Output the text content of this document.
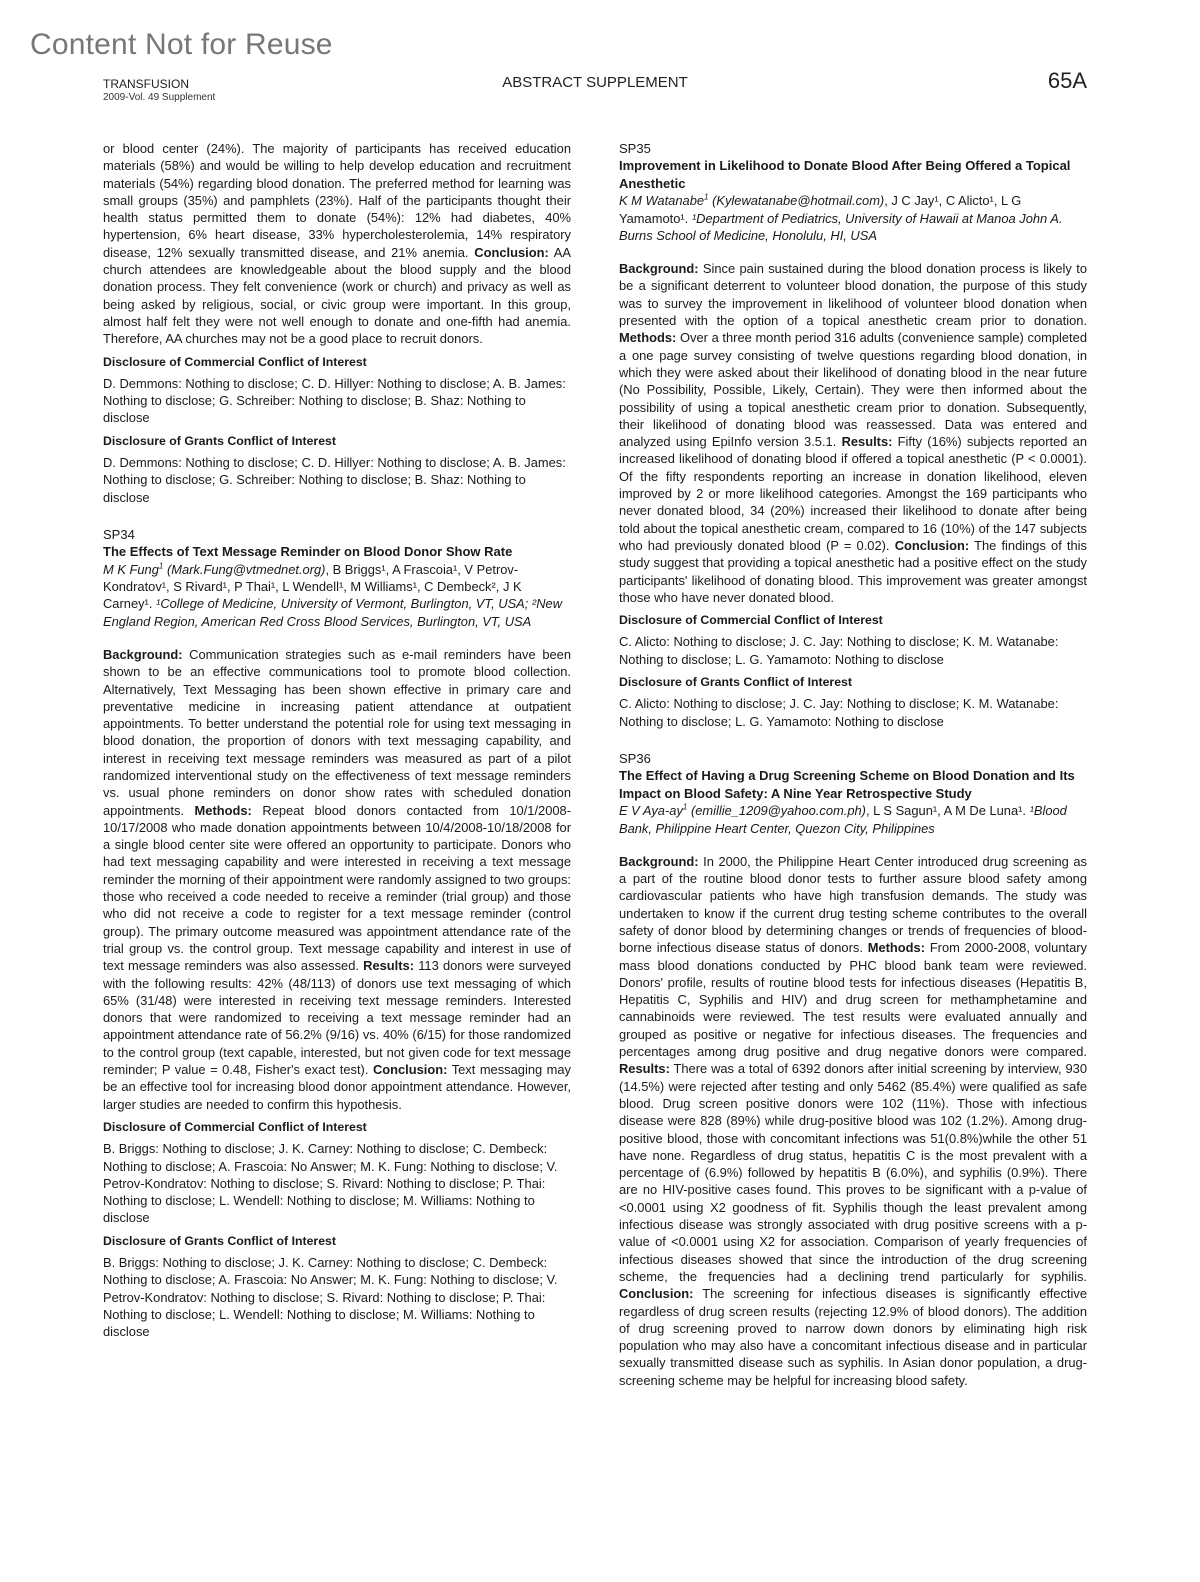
Content Not for Reuse
TRANSFUSION
2009-Vol. 49 Supplement
ABSTRACT SUPPLEMENT	65A

or blood center (24%). The majority of participants has received education materials (58%) and would be willing to help develop education and recruitment materials (54%) regarding blood donation. The preferred method for learning was small groups (35%) and pamphlets (23%). Half of the participants thought their health status permitted them to donate (54%): 12% had diabetes, 40% hypertension, 6% heart disease, 33% hypercholesterolemia, 14% respiratory disease, 12% sexually transmitted disease, and 21% anemia. Conclusion: AA church attendees are knowledgeable about the blood supply and the blood donation process. They felt convenience (work or church) and privacy as well as being asked by religious, social, or civic group were important. In this group, almost half felt they were not well enough to donate and one-fifth had anemia. Therefore, AA churches may not be a good place to recruit donors.

Disclosure of Commercial Conflict of Interest

D. Demmons: Nothing to disclose; C. D. Hillyer: Nothing to disclose; A. B. James: Nothing to disclose; G. Schreiber: Nothing to disclose; B. Shaz: Nothing to disclose

Disclosure of Grants Conflict of Interest

D. Demmons: Nothing to disclose; C. D. Hillyer: Nothing to disclose; A. B. James: Nothing to disclose; G. Schreiber: Nothing to disclose; B. Shaz: Nothing to disclose

SP34
The Effects of Text Message Reminder on Blood Donor Show Rate
M K Fung$^1$ (Mark.Fung@vtmednet.org), B Briggs¹, A Frascoia¹, V Petrov-Kondratov¹, S Rivard¹, P Thai¹, L Wendell¹, M Williams¹, C Dembeck², J K Carney¹. ¹College of Medicine, University of Vermont, Burlington, VT, USA; ²New England Region, American Red Cross Blood Services, Burlington, VT, USA

Background: Communication strategies such as e-mail reminders have been shown to be an effective communications tool to promote blood collection. Alternatively, Text Messaging has been shown effective in primary care and preventative medicine in increasing patient attendance at outpatient appointments. To better understand the potential role for using text messaging in blood donation, the proportion of donors with text messaging capability, and interest in receiving text message reminders was measured as part of a pilot randomized interventional study on the effectiveness of text message reminders vs. usual phone reminders on donor show rates with scheduled donation appointments. Methods: Repeat blood donors contacted from 10/1/2008-10/17/2008 who made donation appointments between 10/4/2008-10/18/2008 for a single blood center site were offered an opportunity to participate. Donors who had text messaging capability and were interested in receiving a text message reminder the morning of their appointment were randomly assigned to two groups: those who received a code needed to receive a reminder (trial group) and those who did not receive a code to register for a text message reminder (control group). The primary outcome measured was appointment attendance rate of the trial group vs. the control group. Text message capability and interest in use of text message reminders was also assessed. Results: 113 donors were surveyed with the following results: 42% (48/113) of donors use text messaging of which 65% (31/48) were interested in receiving text message reminders. Interested donors that were randomized to receiving a text message reminder had an appointment attendance rate of 56.2% (9/16) vs. 40% (6/15) for those randomized to the control group (text capable, interested, but not given code for text message reminder; P value = 0.48, Fisher's exact test). Conclusion: Text messaging may be an effective tool for increasing blood donor appointment attendance. However, larger studies are needed to confirm this hypothesis.

Disclosure of Commercial Conflict of Interest

B. Briggs: Nothing to disclose; J. K. Carney: Nothing to disclose; C. Dembeck: Nothing to disclose; A. Frascoia: No Answer; M. K. Fung: Nothing to disclose; V. Petrov-Kondratov: Nothing to disclose; S. Rivard: Nothing to disclose; P. Thai: Nothing to disclose; L. Wendell: Nothing to disclose; M. Williams: Nothing to disclose

Disclosure of Grants Conflict of Interest

B. Briggs: Nothing to disclose; J. K. Carney: Nothing to disclose; C. Dembeck: Nothing to disclose; A. Frascoia: No Answer; M. K. Fung: Nothing to disclose; V. Petrov-Kondratov: Nothing to disclose; S. Rivard: Nothing to disclose; P. Thai: Nothing to disclose; L. Wendell: Nothing to disclose; M. Williams: Nothing to disclose

SP35
Improvement in Likelihood to Donate Blood After Being Offered a Topical Anesthetic
K M Watanabe$^1$ (Kylewatanabe@hotmail.com), J C Jay¹, C Alicto¹, L G Yamamoto¹. ¹Department of Pediatrics, University of Hawaii at Manoa John A. Burns School of Medicine, Honolulu, HI, USA

Background: Since pain sustained during the blood donation process is likely to be a significant deterrent to volunteer blood donation, the purpose of this study was to survey the improvement in likelihood of volunteer blood donation when presented with the option of a topical anesthetic cream prior to donation. Methods: Over a three month period 316 adults (convenience sample) completed a one page survey consisting of twelve questions regarding blood donation, in which they were asked about their likelihood of donating blood in the near future (No Possibility, Possible, Likely, Certain). They were then informed about the possibility of using a topical anesthetic cream prior to donation. Subsequently, their likelihood of donating blood was reassessed. Data was entered and analyzed using EpiInfo version 3.5.1. Results: Fifty (16%) subjects reported an increased likelihood of donating blood if offered a topical anesthetic (P < 0.0001). Of the fifty respondents reporting an increase in donation likelihood, eleven improved by 2 or more likelihood categories. Amongst the 169 participants who never donated blood, 34 (20%) increased their likelihood to donate after being told about the topical anesthetic cream, compared to 16 (10%) of the 147 subjects who had previously donated blood (P = 0.02). Conclusion: The findings of this study suggest that providing a topical anesthetic had a positive effect on the study participants' likelihood of donating blood. This improvement was greater amongst those who have never donated blood.

Disclosure of Commercial Conflict of Interest

C. Alicto: Nothing to disclose; J. C. Jay: Nothing to disclose; K. M. Watanabe: Nothing to disclose; L. G. Yamamoto: Nothing to disclose

Disclosure of Grants Conflict of Interest

C. Alicto: Nothing to disclose; J. C. Jay: Nothing to disclose; K. M. Watanabe: Nothing to disclose; L. G. Yamamoto: Nothing to disclose

SP36
The Effect of Having a Drug Screening Scheme on Blood Donation and Its Impact on Blood Safety: A Nine Year Retrospective Study
E V Aya-$ay^1$ (emillie_1209@yahoo.com.ph), L S Sagun¹, A M De Luna¹. ¹Blood Bank, Philippine Heart Center, Quezon City, Philippines

Background: In 2000, the Philippine Heart Center introduced drug screening as a part of the routine blood donor tests to further assure blood safety among cardiovascular patients who have high transfusion demands. The study was undertaken to know if the current drug testing scheme contributes to the overall safety of donor blood by determining changes or trends of frequencies of blood-borne infectious disease status of donors. Methods: From 2000-2008, voluntary mass blood donations conducted by PHC blood bank team were reviewed. Donors' profile, results of routine blood tests for infectious diseases (Hepatitis B, Hepatitis C, Syphilis and HIV) and drug screen for methamphetamine and cannabinoids were reviewed. The test results were evaluated annually and grouped as positive or negative for infectious diseases. The frequencies and percentages among drug positive and drug negative donors were compared. Results: There was a total of 6392 donors after initial screening by interview, 930 (14.5%) were rejected after testing and only 5462 (85.4%) were qualified as safe blood. Drug screen positive donors were 102 (11%). Those with infectious disease were 828 (89%) while drug-positive blood was 102 (1.2%). Among drug-positive blood, those with concomitant infections was 51(0.8%)while the other 51 have none. Regardless of drug status, hepatitis C is the most prevalent with a percentage of (6.9%) followed by hepatitis B (6.0%), and syphilis (0.9%). There are no HIV-positive cases found. This proves to be significant with a p-value of <0.0001 using X2 goodness of fit. Syphilis though the least prevalent among infectious disease was strongly associated with drug positive screens with a p-value of <0.0001 using X2 for association. Comparison of yearly frequencies of infectious diseases showed that since the introduction of the drug screening scheme, the frequencies had a declining trend particularly for syphilis. Conclusion: The screening for infectious diseases is significantly effective regardless of drug screen results (rejecting 12.9% of blood donors). The addition of drug screening proved to narrow down donors by eliminating high risk population who may also have a concomitant infectious disease and in particular sexually transmitted disease such as syphilis. In Asian donor population, a drug-screening scheme may be helpful for increasing blood safety.
